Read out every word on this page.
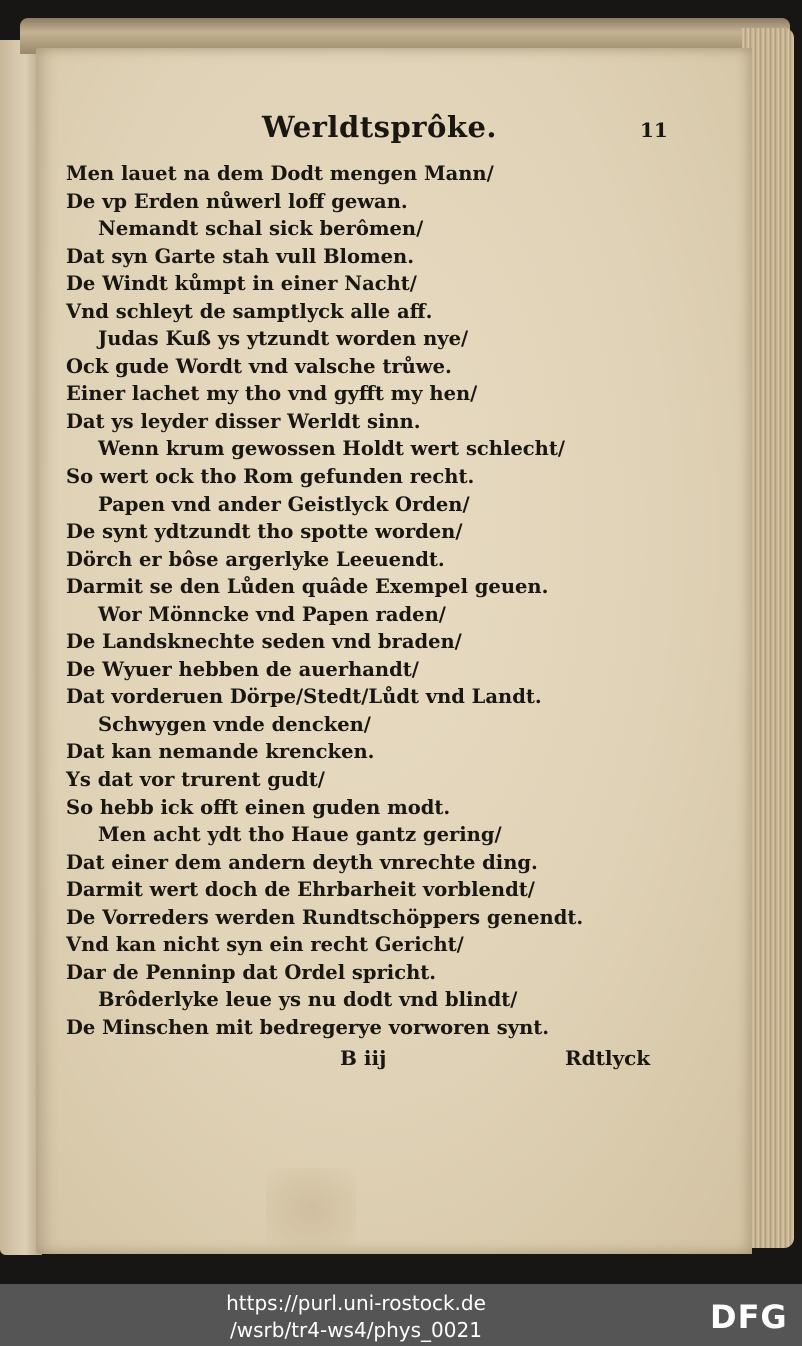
Werldtsprôke.	11
Men lauet na dem Dodt mengen Mann/
De vp Erden nůwerl loff gewan.
Nemandt schal sick berômen/
Dat syn Garte stah vull Blomen.
De Windt kůmpt in einer Nacht/
Vnd schleyt de samptlyck alle aff.
Judas Kuß ys ytzundt worden nye/
Ock gude Wordt vnd valsche trůwe.
Einer lachet my tho vnd gyfft my hen/
Dat ys leyder disser Werldt sinn.
Wenn krum gewossen Holdt wert schlecht/
So wert ock tho Rom gefunden recht.
Papen vnd ander Geistlyck Orden/
De synt ydtzundt tho spotte worden/
Dörch er bôse argerlyke Leeuendt.
Darmit se den Lůden quâde Exempel geuen.
Wor Mönncke vnd Papen raden/
De Landsknechte seden vnd braden/
De Wyuer hebben de auerhandt/
Dat vorderuen Dörpe/Stedt/Lůdt vnd Landt.
Schwygen vnde dencken/
Dat kan nemande krencken.
Ys dat vor trurent gudt/
So hebb ick offt einen guden modt.
Men acht ydt tho Haue gantz gering/
Dat einer dem andern deyth vnrechte ding.
Darmit wert doch de Ehrbarheit vorblendt/
De Vorreders werden Rundtschöppers genendt.
Vnd kan nicht syn ein recht Gericht/
Dar de Penninp dat Ordel spricht.
Brôderlyke leue ys nu dodt vnd blindt/
De Minschen mit bedregerye vorworen synt.
B iij	Rdtlyck
https://purl.uni-rostock.de
/wsrb/tr4-ws4/phys_0021	DFG
